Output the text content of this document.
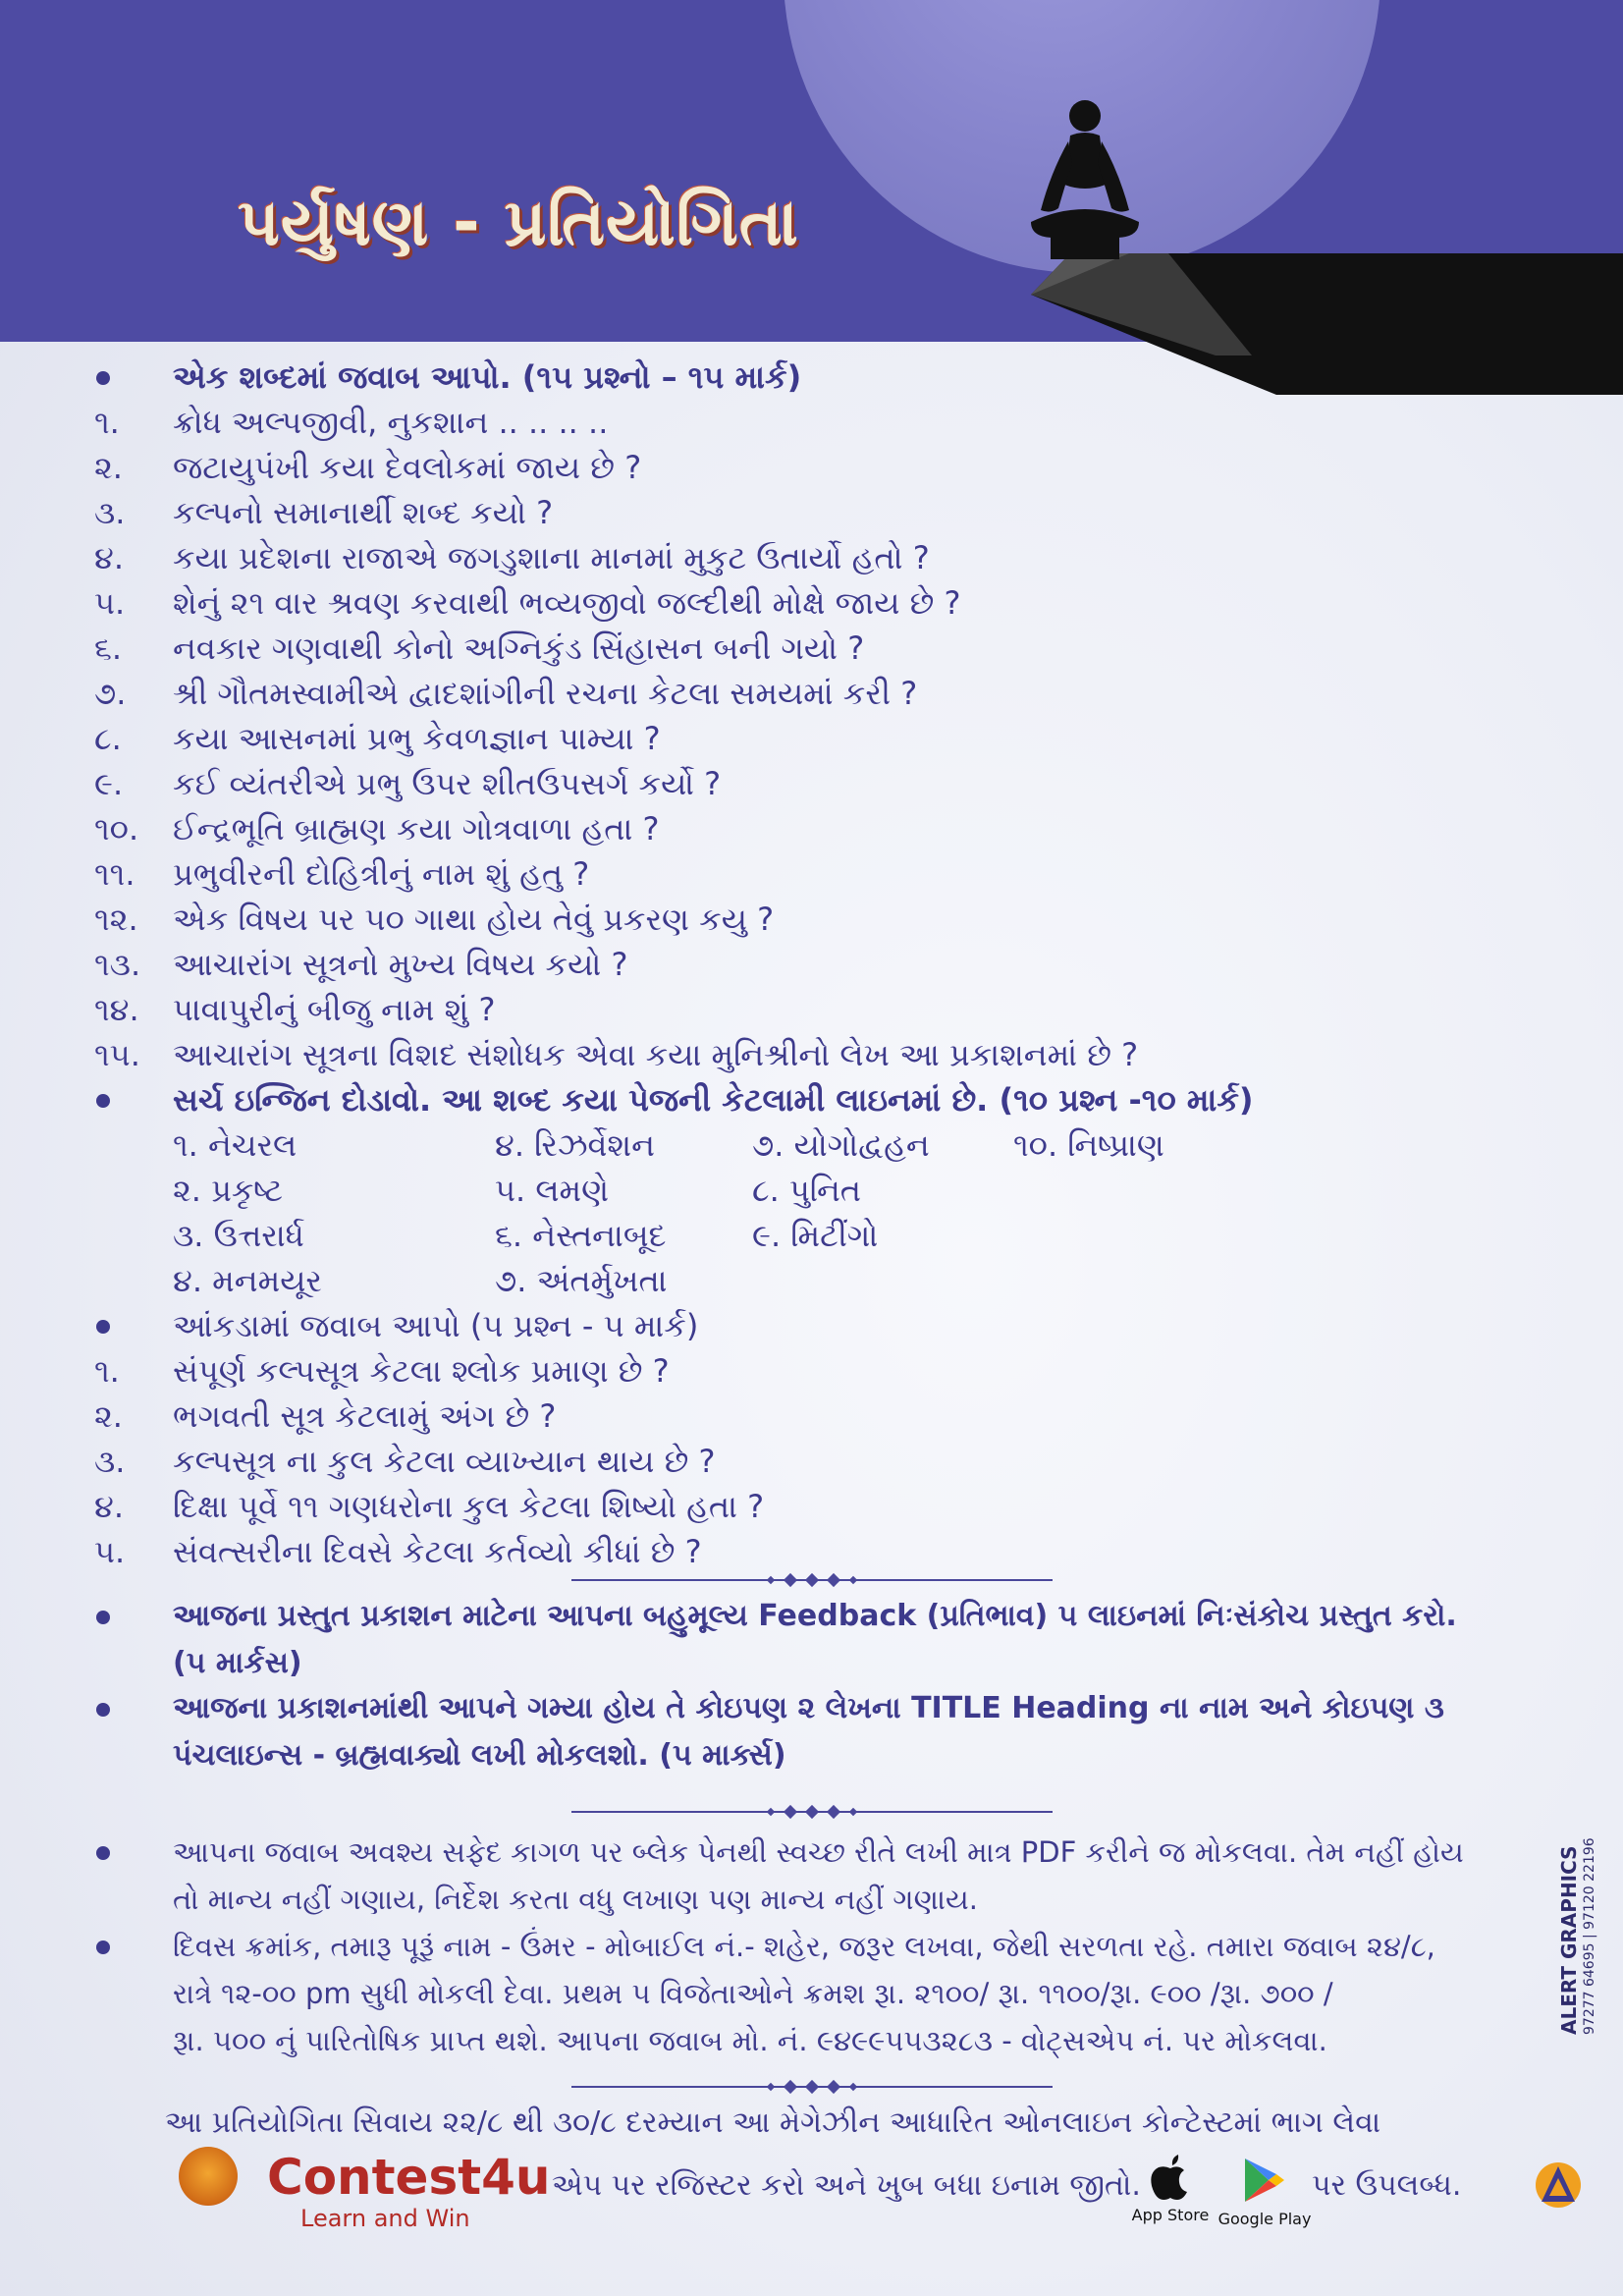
પર્યુષણ - પ્રતિયોગિતા
એક શબ્દમાં જવાબ આપો. (૧૫ પ્રશ્નો – ૧૫ માર્ક)
૧. ક્રોધ અલ્પજીવી, નુકશાન .. .. .. ..
૨. જટાયુપંખી કયા દેવલોકમાં જાય છે ?
૩. કલ્પનો સમાનાર્થી શબ્દ કયો ?
૪. કયા પ્રદેશના રાજાએ જગડુશાના માનમાં મુકુટ ઉતાર્યો હતો ?
૫. શેનું ૨૧ વાર શ્રવણ કરવાથી ભવ્યજીવો જલ્દીથી મોક્ષે જાય છે ?
૬. નવકાર ગણવાથી કોનો અગ્નિકુંડ સિંહાસન બની ગયો ?
૭. શ્રી ગૌતમસ્વામીએ દ્વાદશાંગીની રચના કેટલા સમયમાં કરી ?
૮. કયા આસનમાં પ્રભુ કેવળજ્ઞાન પામ્યા ?
૯. કઈ વ્યંતરીએ પ્રભુ ઉપર શીતઉપસર્ગ કર્યો ?
૧૦. ઈન્દ્રભૂતિ બ્રાહ્મણ કયા ગોત્રવાળા હતા ?
૧૧. પ્રભુવીરની દોહિત્રીનું નામ શું હતુ ?
૧૨. એક વિષય પર ૫૦ ગાથા હોય તેવું પ્રકરણ કયુ ?
૧૩. આચારાંગ સૂત્રનો મુખ્ય વિષય કયો ?
૧૪. પાવાપુરીનું બીજુ નામ શું ?
૧૫. આચારાંગ સૂત્રના વિશદ સંશોધક એવા કયા મુનિશ્રીનો લેખ આ પ્રકાશનમાં છે ?
સર્ચ ઇન્જિન દોડાવો. આ શબ્દ કયા પેજની કેટલામી લાઇનમાં છે. (૧૦ પ્રશ્ન -૧૦ માર્ક)
૧. નેચરલ
૨. પ્રકૃષ્ટ
૩. ઉત્તરાર્ધ
૪. મનમયૂર
૪. રિઝર્વેશન
૫. લમણે
૬. નેસ્તનાબૂદ
૭. અંતર્મુખતા
૭. યોગોદ્વહન
૮. પુનિત
૯. મિટીંગો
૧૦. નિષ્પ્રાણ
આંકડામાં જવાબ આપો (૫ પ્રશ્ન - ૫ માર્ક)
૧. સંપૂર્ણ કલ્પસૂત્ર કેટલા શ્લોક પ્રમાણ છે ?
૨. ભગવતી સૂત્ર કેટલામું અંગ છે ?
૩. કલ્પસૂત્ર ના કુલ કેટલા વ્યાખ્યાન થાય છે ?
૪. દિક્ષા પૂર્વે ૧૧ ગણધરોના કુલ કેટલા શિષ્યો હતા ?
૫. સંવત્સરીના દિવસે કેટલા કર્તવ્યો કીધાં છે ?
આજના પ્રસ્તુત પ્રકાશન માટેના આપના બહુમૂલ્ય Feedback (પ્રતિભાવ) ૫ લાઇનમાં નિઃસંકોચ પ્રસ્તુત કરો.
(૫ માર્કસ)
આજના પ્રકાશનમાંથી આપને ગમ્યા હોય તે કોઇપણ ૨ લેખના TITLE Heading ના નામ અને કોઇપણ ૩
પંચલાઇન્સ - બ્રહ્મવાક્યો લખી મોકલશો. (૫ માર્ક્સ)
આપના જવાબ અવશ્ય સફેદ કાગળ પર બ્લેક પેનથી સ્વચ્છ રીતે લખી માત્ર PDF કરીને જ મોકલવા. તેમ નહીં હોય
તો માન્ય નહીં ગણાય, નિર્દેશ કરતા વધુ લખાણ પણ માન્ય નહીં ગણાય.
દિવસ ક્રમાંક, તમારૂ પૂરૂં નામ - ઉંમર - મોબાઈલ નં.- શહેર, જરૂર લખવા, જેથી સરળતા રહે. તમારા જવાબ ૨૪/૮,
રાત્રે ૧૨-૦૦ pm સુધી મોકલી દેવા. પ્રથમ ૫ વિજેતાઓને ક્રમશ રૂા. ૨૧૦૦/ રૂા. ૧૧૦૦/રૂા. ૯૦૦ /રૂા. ૭૦૦ /
રૂા. ૫૦૦ નું પારિતોષિક પ્રાપ્ત થશે. આપના જવાબ મો. નં. ૯૪૯૯૫૫૩૨૮૩ - વોટ્સએપ નં. પર મોકલવા.
આ પ્રતિયોગિતા સિવાય ૨૨/૮ થી ૩૦/૮ દરમ્યાન આ મેગેઝીન આધારિત ઓનલાઇન કોન્ટેસ્ટમાં ભાગ લેવા
Contest4u
Learn and Win
એપ પર રજિસ્ટર કરો અને ખુબ બધા ઇનામ જીતો.
App Store Google Play
પર ઉપલબ્ધ.
ALERT GRAPHICS 97277 64695 | 97120 22196
